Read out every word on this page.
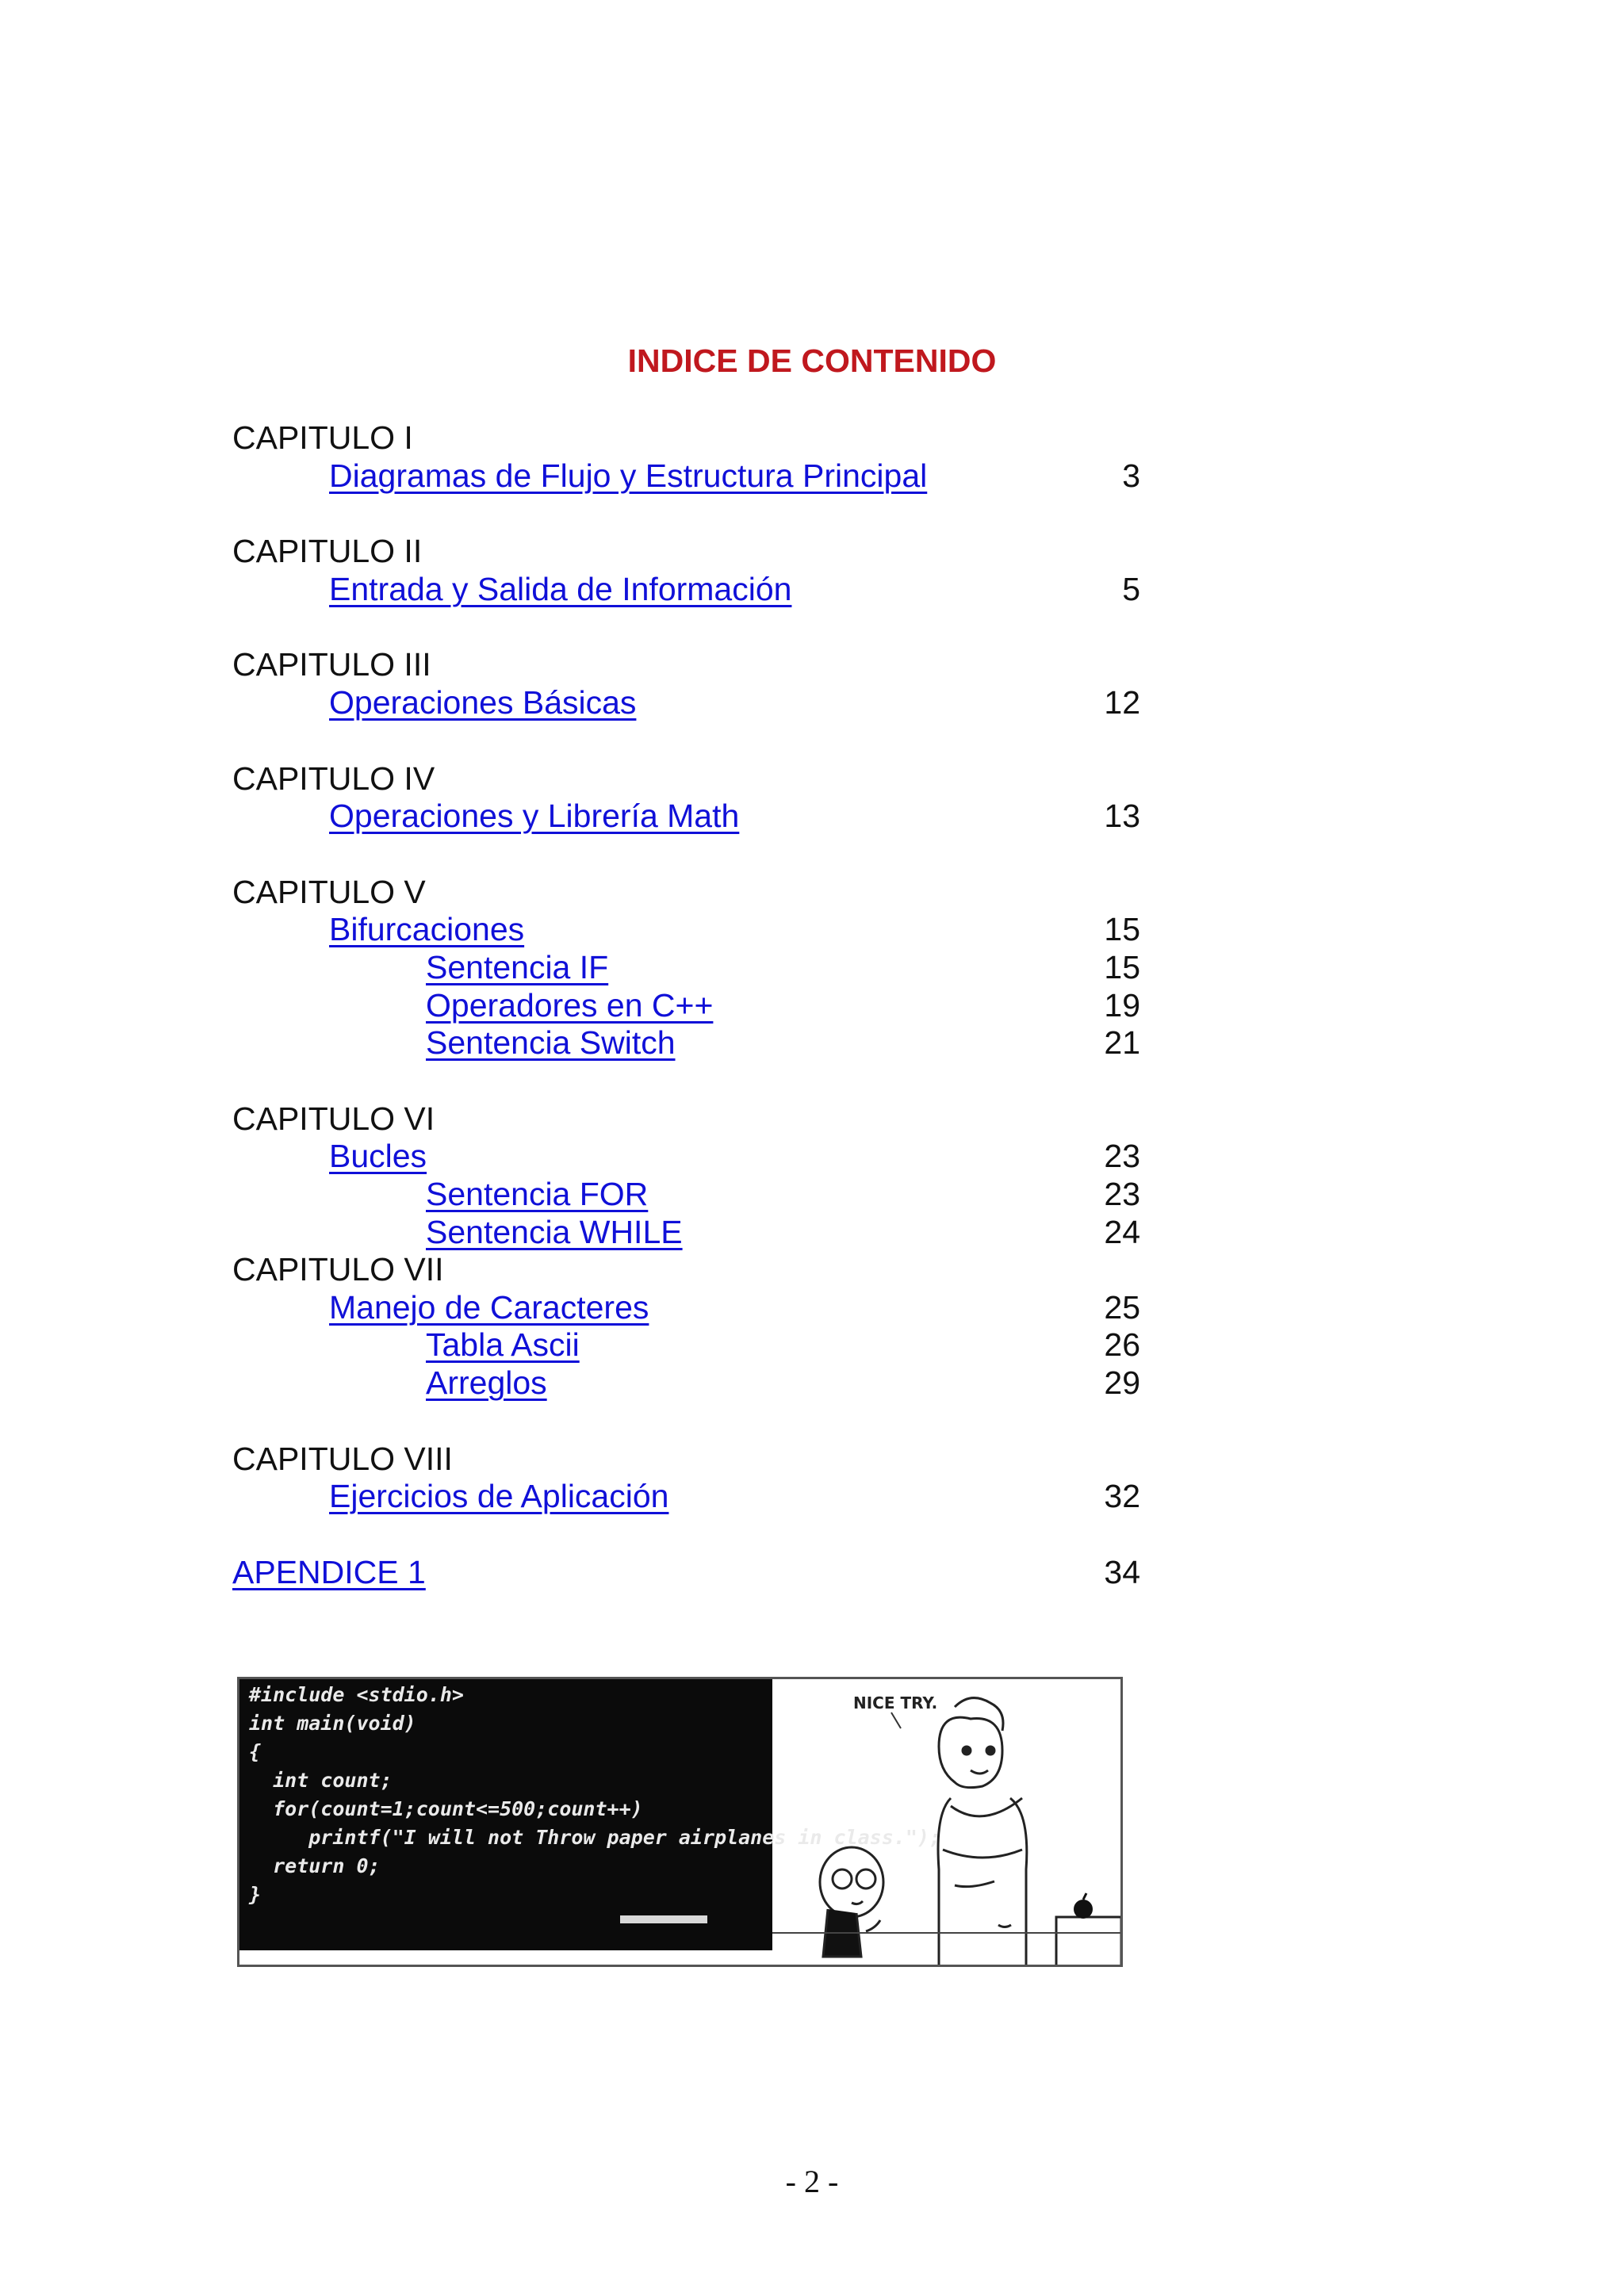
INDICE DE CONTENIDO
CAPITULO I
3
Diagramas de Flujo y Estructura Principal
CAPITULO II
5
Entrada y Salida de Información
CAPITULO III
12
Operaciones Básicas
CAPITULO IV
13
Operaciones y Librería Math
CAPITULO V
15
Bifurcaciones
15
Sentencia IF
19
Operadores en C++
21
Sentencia Switch
CAPITULO VI
23
Bucles
23
Sentencia FOR
24
Sentencia WHILE
CAPITULO VII
25
Manejo de Caracteres
26
Tabla Ascii
29
Arreglos
CAPITULO VIII
32
Ejercicios de Aplicación
34
APENDICE 1
#include <stdio.h>
int main(void)
{
int count;
for(count=1;count<=500;count++)
printf("I will not Throw paper airplanes in class.");
return 0;
}
NICE TRY.
- 2 -
